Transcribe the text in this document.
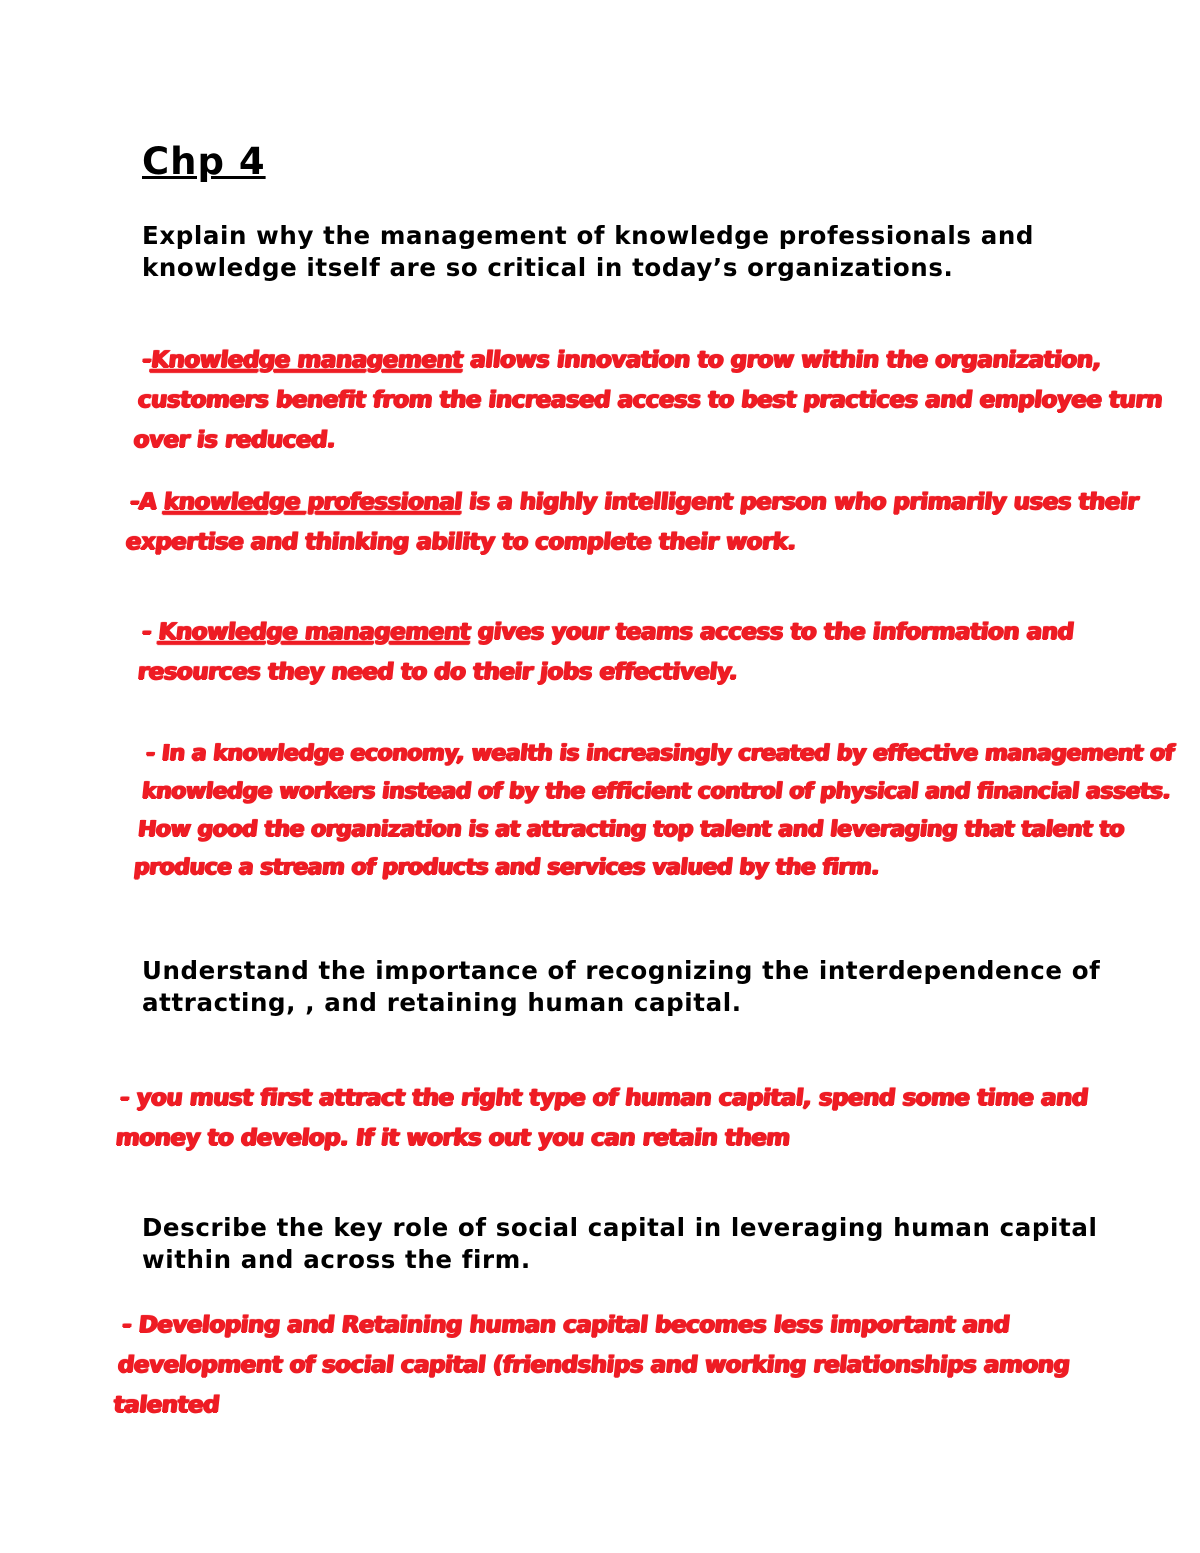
Chp 4

Explain why the management of knowledge professionals and knowledge itself are so critical in today’s organizations.

-Knowledge management allows innovation to grow within the organization, customers benefit from the increased access to best practices and employee turn over is reduced.

-A knowledge professional is a highly intelligent person who primarily uses their expertise and thinking ability to complete their work.

- Knowledge management gives your teams access to the information and resources they need to do their jobs effectively.

- In a knowledge economy, wealth is increasingly created by effective management of knowledge workers instead of by the efficient control of physical and financial assets. How good the organization is at attracting top talent and leveraging that talent to produce a stream of products and services valued by the firm.

Understand the importance of recognizing the interdependence of attracting, , and retaining human capital.

- you must first attract the right type of human capital, spend some time and money to develop. If it works out you can retain them

Describe the key role of social capital in leveraging human capital within and across the firm.

- Developing and Retaining human capital becomes less important and development of social capital (friendships and working relationships among talented
